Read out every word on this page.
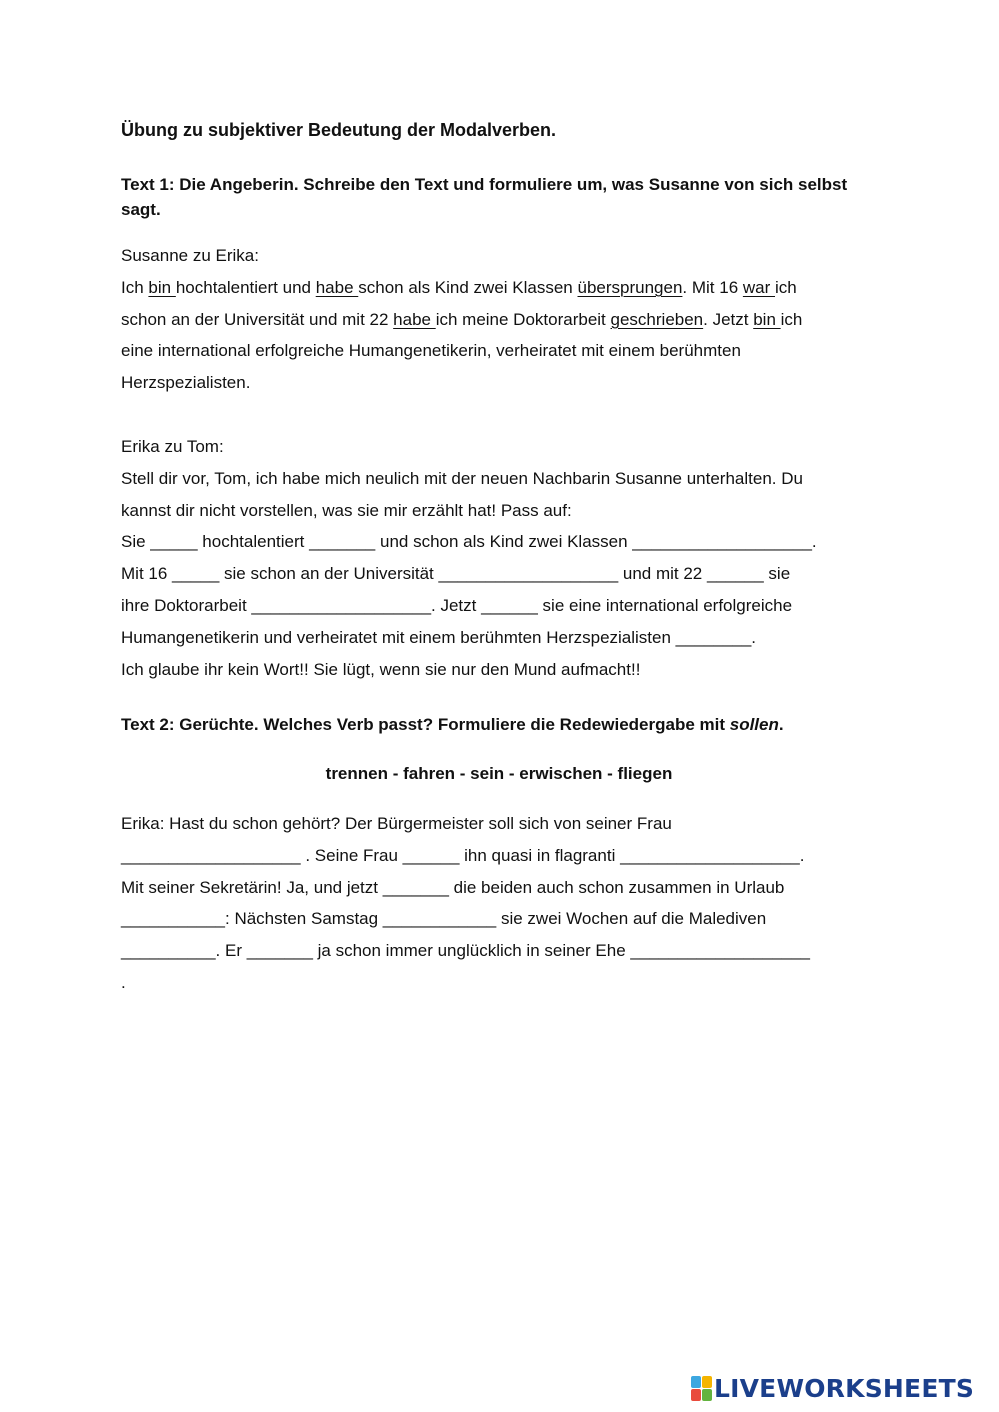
Übung zu subjektiver Bedeutung der Modalverben.
Text 1: Die Angeberin. Schreibe den Text und formuliere um, was Susanne von sich selbst sagt.
Susanne zu Erika:
Ich bin hochtalentiert und habe schon als Kind zwei Klassen übersprungen. Mit 16 war ich
schon an der Universität und mit 22 habe ich meine Doktorarbeit geschrieben. Jetzt bin ich
eine international erfolgreiche Humangenetikerin, verheiratet mit einem berühmten
Herzspezialisten.
Erika zu Tom:
Stell dir vor, Tom, ich habe mich neulich mit der neuen Nachbarin Susanne unterhalten. Du
kannst dir nicht vorstellen, was sie mir erzählt hat! Pass auf:
Sie _____ hochtalentiert _______ und schon als Kind zwei Klassen ___________________.
Mit 16 _____ sie schon an der Universität ___________________ und mit 22 ______ sie
ihre Doktorarbeit ___________________. Jetzt ______ sie eine international erfolgreiche
Humangenetikerin und verheiratet mit einem berühmten Herzspezialisten ________.
Ich glaube ihr kein Wort!! Sie lügt, wenn sie nur den Mund aufmacht!!
Text 2: Gerüchte. Welches Verb passt? Formuliere die Redewiedergabe mit sollen.
trennen - fahren - sein - erwischen - fliegen
Erika: Hast du schon gehört? Der Bürgermeister soll sich von seiner Frau
___________________ . Seine Frau ______ ihn quasi in flagranti ___________________.
Mit seiner Sekretärin! Ja, und jetzt _______ die beiden auch schon zusammen in Urlaub
___________: Nächsten Samstag ____________ sie zwei Wochen auf die Malediven
__________. Er _______ ja schon immer unglücklich in seiner Ehe ___________________
.
LIVEWORKSHEETS
